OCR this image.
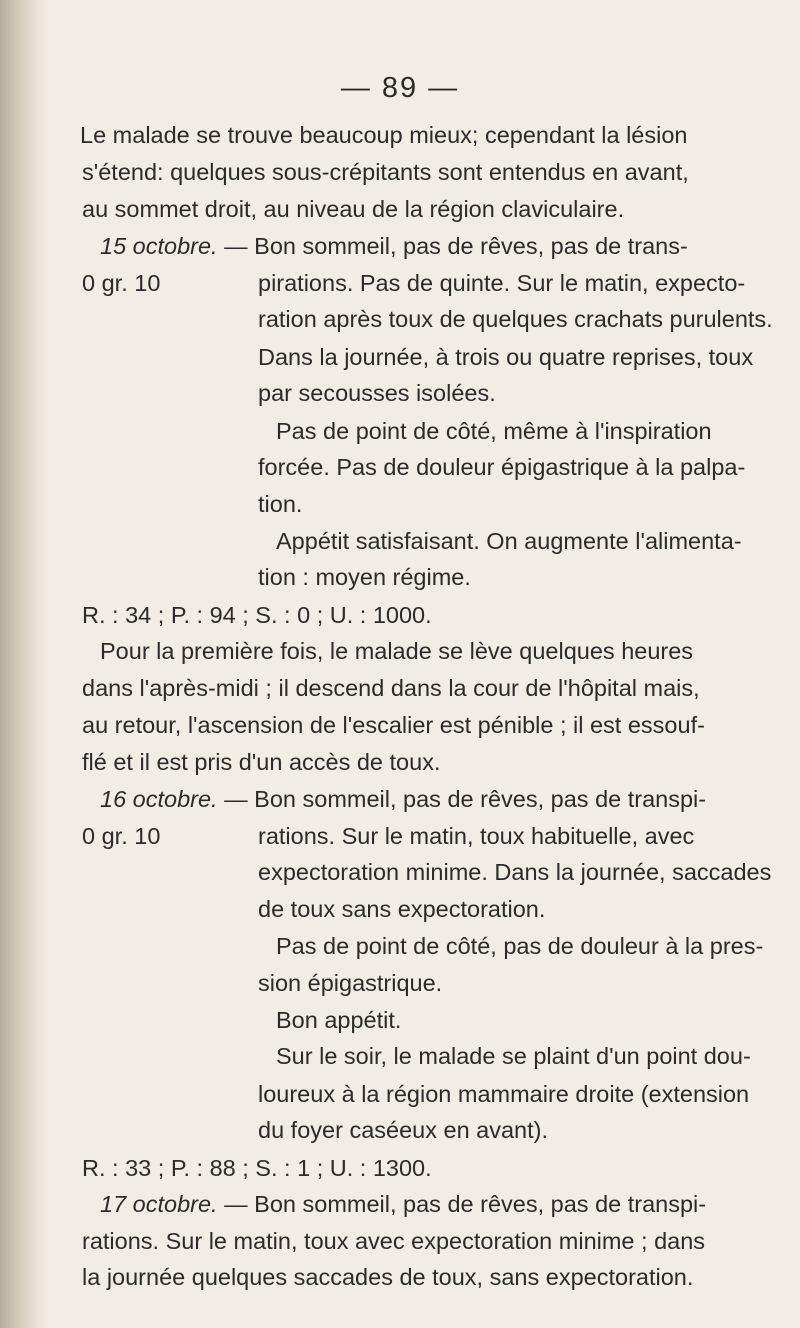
— 89 —
Le malade se trouve beaucoup mieux; cependant la lésion
s'étend: quelques sous-crépitants sont entendus en avant,
au sommet droit, au niveau de la région claviculaire.
15 octobre. — Bon sommeil, pas de rêves, pas de trans-
0 gr. 10	pirations. Pas de quinte. Sur le matin, expecto-
ration après toux de quelques crachats purulents.
Dans la journée, à trois ou quatre reprises, toux
par secousses isolées.
Pas de point de côté, même à l'inspiration
forcée. Pas de douleur épigastrique à la palpa-
tion.
Appétit satisfaisant. On augmente l'alimenta-
tion : moyen régime.
R. : 34 ; P. : 94 ; S. : 0 ; U. : 1000.
Pour la première fois, le malade se lève quelques heures
dans l'après-midi ; il descend dans la cour de l'hôpital mais,
au retour, l'ascension de l'escalier est pénible ; il est essouf-
flé et il est pris d'un accès de toux.
16 octobre. — Bon sommeil, pas de rêves, pas de transpi-
0 gr. 10	rations. Sur le matin, toux habituelle, avec
expectoration minime. Dans la journée, saccades
de toux sans expectoration.
Pas de point de côté, pas de douleur à la pres-
sion épigastrique.
Bon appétit.
Sur le soir, le malade se plaint d'un point dou-
loureux à la région mammaire droite (extension
du foyer caséeux en avant).
R. : 33 ; P. : 88 ; S. : 1 ; U. : 1300.
17 octobre. — Bon sommeil, pas de rêves, pas de transpi-
rations. Sur le matin, toux avec expectoration minime ; dans
la journée quelques saccades de toux, sans expectoration.
